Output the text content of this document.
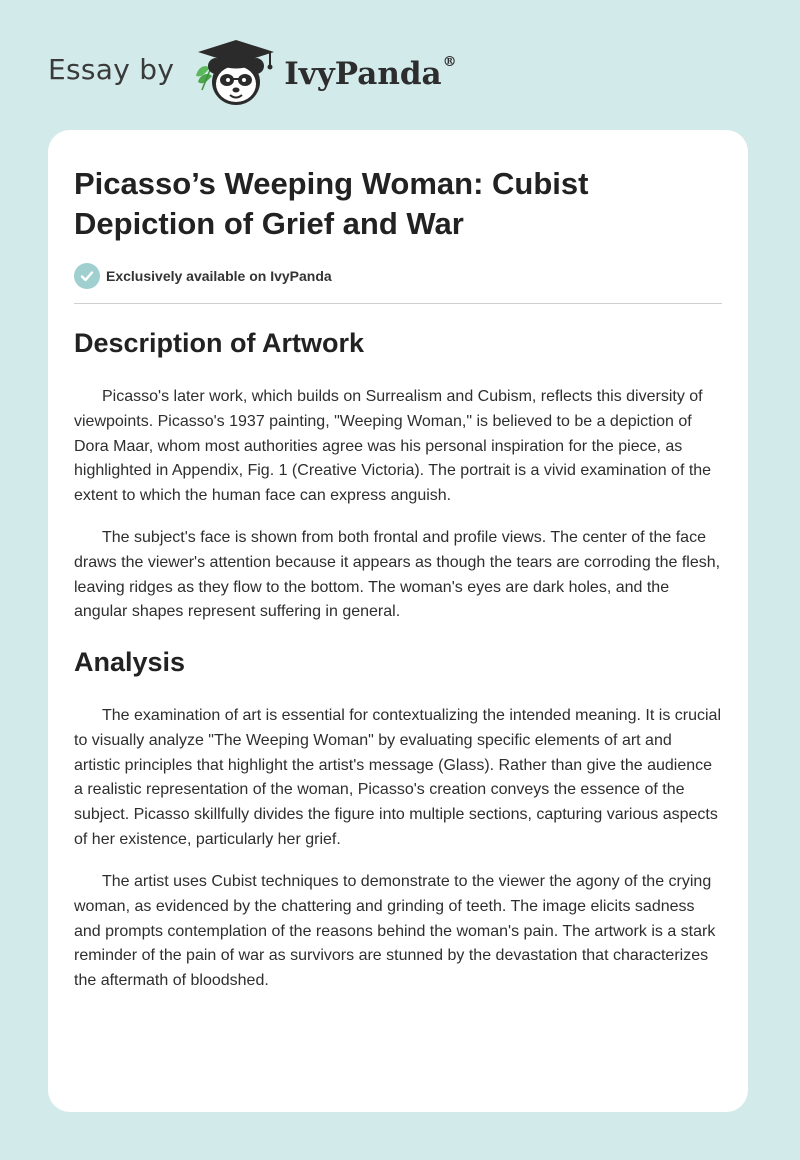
Essay by	IvyPanda®
Picasso’s Weeping Woman: Cubist Depiction of Grief and War
Exclusively available on IvyPanda
Description of Artwork

Picasso's later work, which builds on Surrealism and Cubism, reflects this diversity of viewpoints. Picasso's 1937 painting, "Weeping Woman," is believed to be a depiction of Dora Maar, whom most authorities agree was his personal inspiration for the piece, as highlighted in Appendix, Fig. 1 (Creative Victoria). The portrait is a vivid examination of the extent to which the human face can express anguish.

The subject's face is shown from both frontal and profile views. The center of the face draws the viewer's attention because it appears as though the tears are corroding the flesh, leaving ridges as they flow to the bottom. The woman's eyes are dark holes, and the angular shapes represent suffering in general.

Analysis

The examination of art is essential for contextualizing the intended meaning. It is crucial to visually analyze "The Weeping Woman" by evaluating specific elements of art and artistic principles that highlight the artist's message (Glass). Rather than give the audience a realistic representation of the woman, Picasso's creation conveys the essence of the subject. Picasso skillfully divides the figure into multiple sections, capturing various aspects of her existence, particularly her grief.

The artist uses Cubist techniques to demonstrate to the viewer the agony of the crying woman, as evidenced by the chattering and grinding of teeth. The image elicits sadness and prompts contemplation of the reasons behind the woman's pain. The artwork is a stark reminder of the pain of war as survivors are stunned by the devastation that characterizes the aftermath of bloodshed.
